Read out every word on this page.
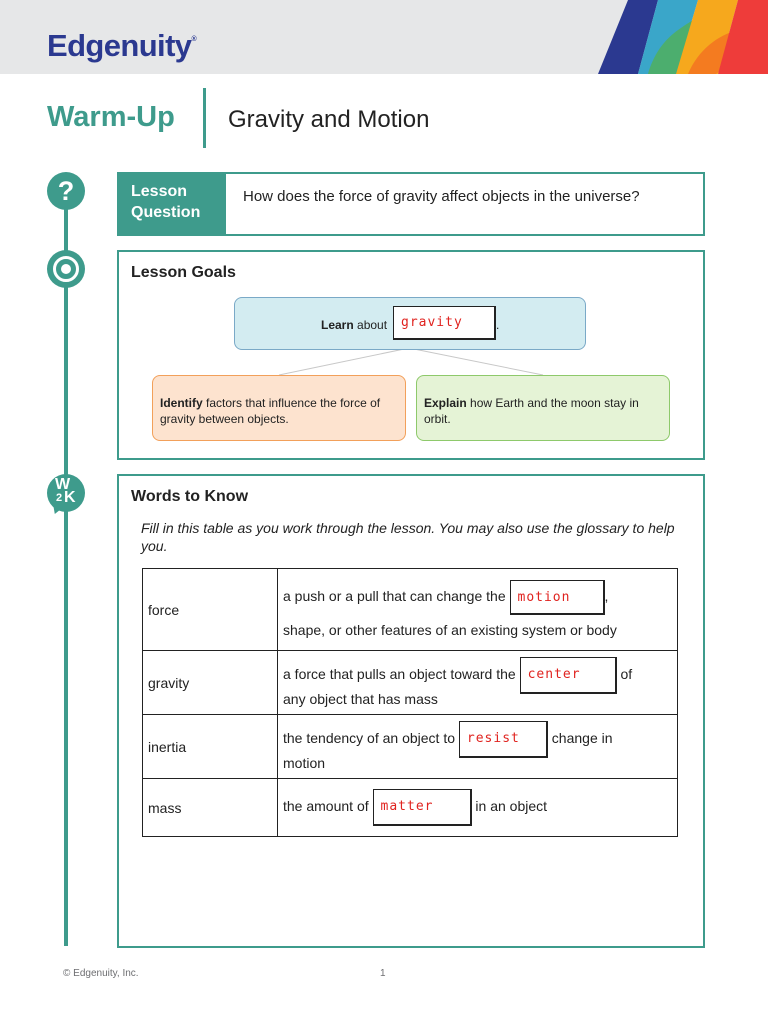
Edgenuity®
Warm-Up Gravity and Motion
?
W
2 K
Lesson
Question
How does the force of gravity affect objects in the universe?
Lesson Goals
Learn about gravity	.
Identify factors that influence the force of gravity between objects.
Explain how Earth and the moon stay in orbit.
Words to Know
Fill in this table as you work through the lesson. You may also use the glossary to help you.
force	a push or a pull that can change the motion ,
shape, or other features of an existing system or body

gravity	a force that pulls an object toward the center of
any object that has mass

inertia	the tendency of an object to resist change in
motion

mass	the amount of matter in an object
© Edgenuity, Inc.	1
